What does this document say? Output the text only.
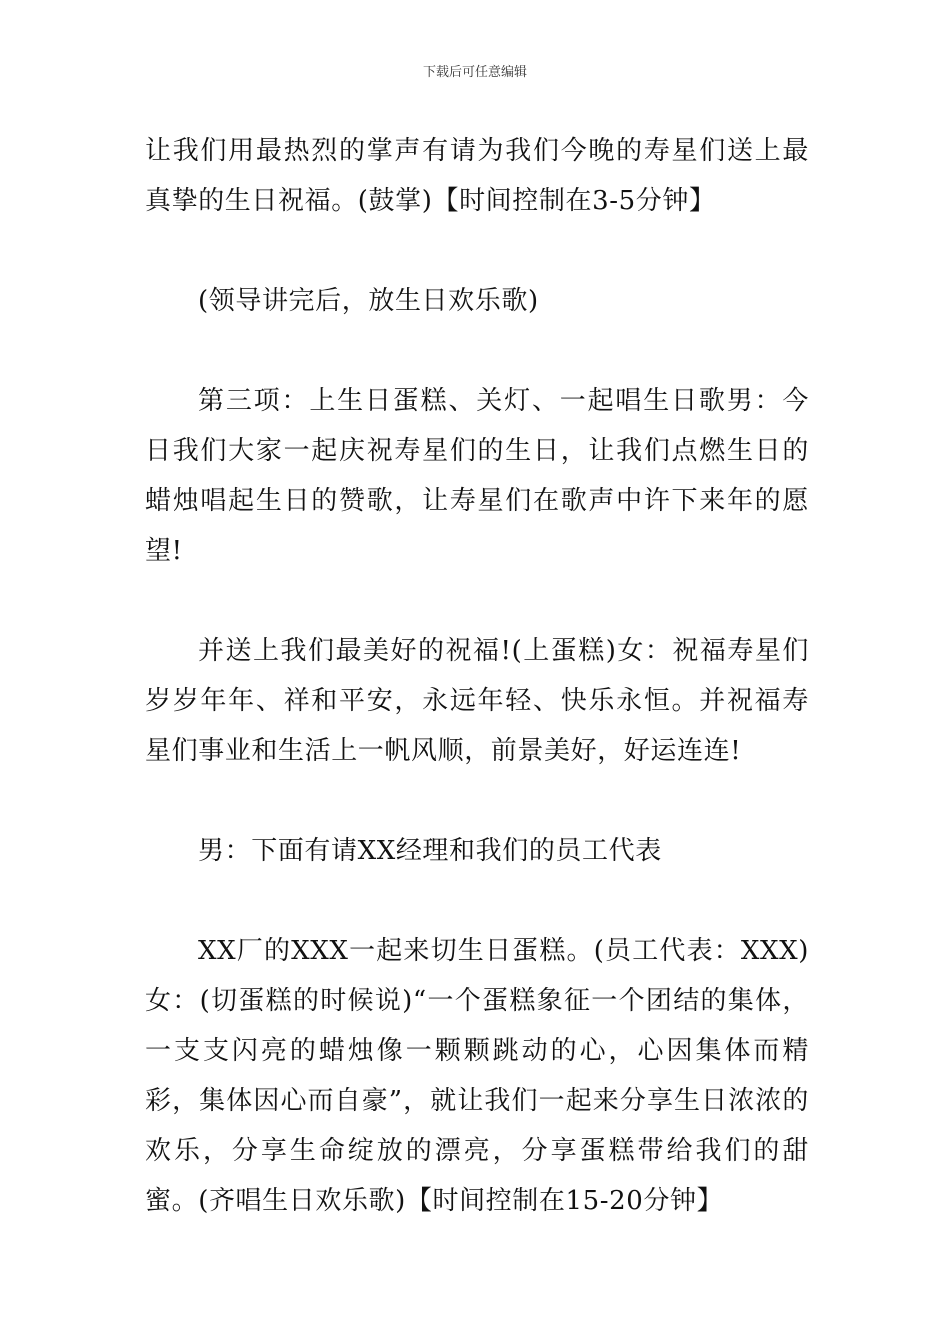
下载后可任意编辑

让我们用最热烈的掌声有请为我们今晚的寿星们送上最真挚的生日祝福。(鼓掌)【时间控制在3-5分钟】

(领导讲完后，放生日欢乐歌)

第三项：上生日蛋糕、关灯、一起唱生日歌男：今日我们大家一起庆祝寿星们的生日，让我们点燃生日的蜡烛唱起生日的赞歌，让寿星们在歌声中许下来年的愿望!

并送上我们最美好的祝福!(上蛋糕)女：祝福寿星们岁岁年年、祥和平安，永远年轻、快乐永恒。并祝福寿星们事业和生活上一帆风顺，前景美好，好运连连!

男：下面有请XX经理和我们的员工代表

XX厂的XXX一起来切生日蛋糕。(员工代表：XXX)女：(切蛋糕的时候说)“一个蛋糕象征一个团结的集体，一支支闪亮的蜡烛像一颗颗跳动的心，心因集体而精彩，集体因心而自豪”，就让我们一起来分享生日浓浓的欢乐，分享生命绽放的漂亮，分享蛋糕带给我们的甜蜜。(齐唱生日欢乐歌)【时间控制在15-20分钟】
